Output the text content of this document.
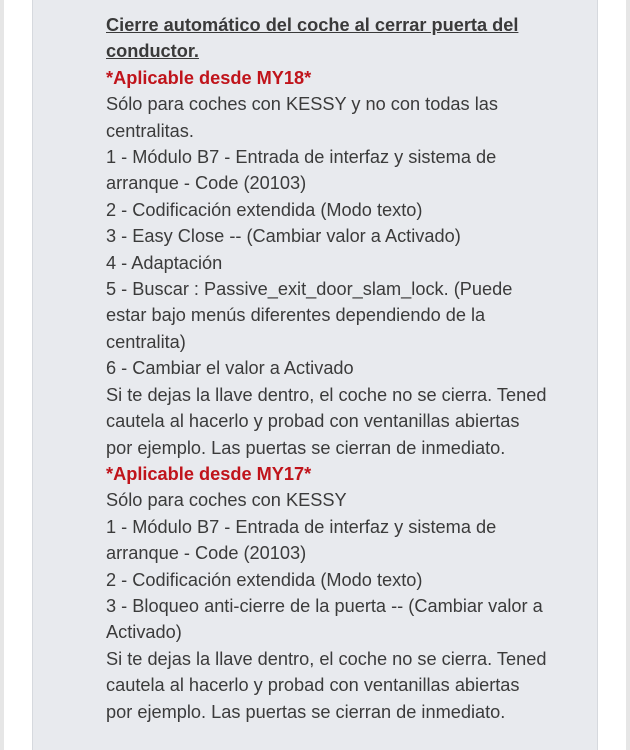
Cierre automático del coche al cerrar puerta del
conductor.
*Aplicable desde MY18*
Sólo para coches con KESSY y no con todas las
centralitas.
1 - Módulo B7 - Entrada de interfaz y sistema de
arranque - Code (20103)
2 - Codificación extendida (Modo texto)
3 - Easy Close -- (Cambiar valor a Activado)
4 - Adaptación
5 - Buscar : Passive_exit_door_slam_lock. (Puede
estar bajo menús diferentes dependiendo de la
centralita)
6 - Cambiar el valor a Activado
Si te dejas la llave dentro, el coche no se cierra. Tened
cautela al hacerlo y probad con ventanillas abiertas
por ejemplo. Las puertas se cierran de inmediato.
*Aplicable desde MY17*
Sólo para coches con KESSY
1 - Módulo B7 - Entrada de interfaz y sistema de
arranque - Code (20103)
2 - Codificación extendida (Modo texto)
3 - Bloqueo anti-cierre de la puerta -- (Cambiar valor a
Activado)
Si te dejas la llave dentro, el coche no se cierra. Tened
cautela al hacerlo y probad con ventanillas abiertas
por ejemplo. Las puertas se cierran de inmediato.
